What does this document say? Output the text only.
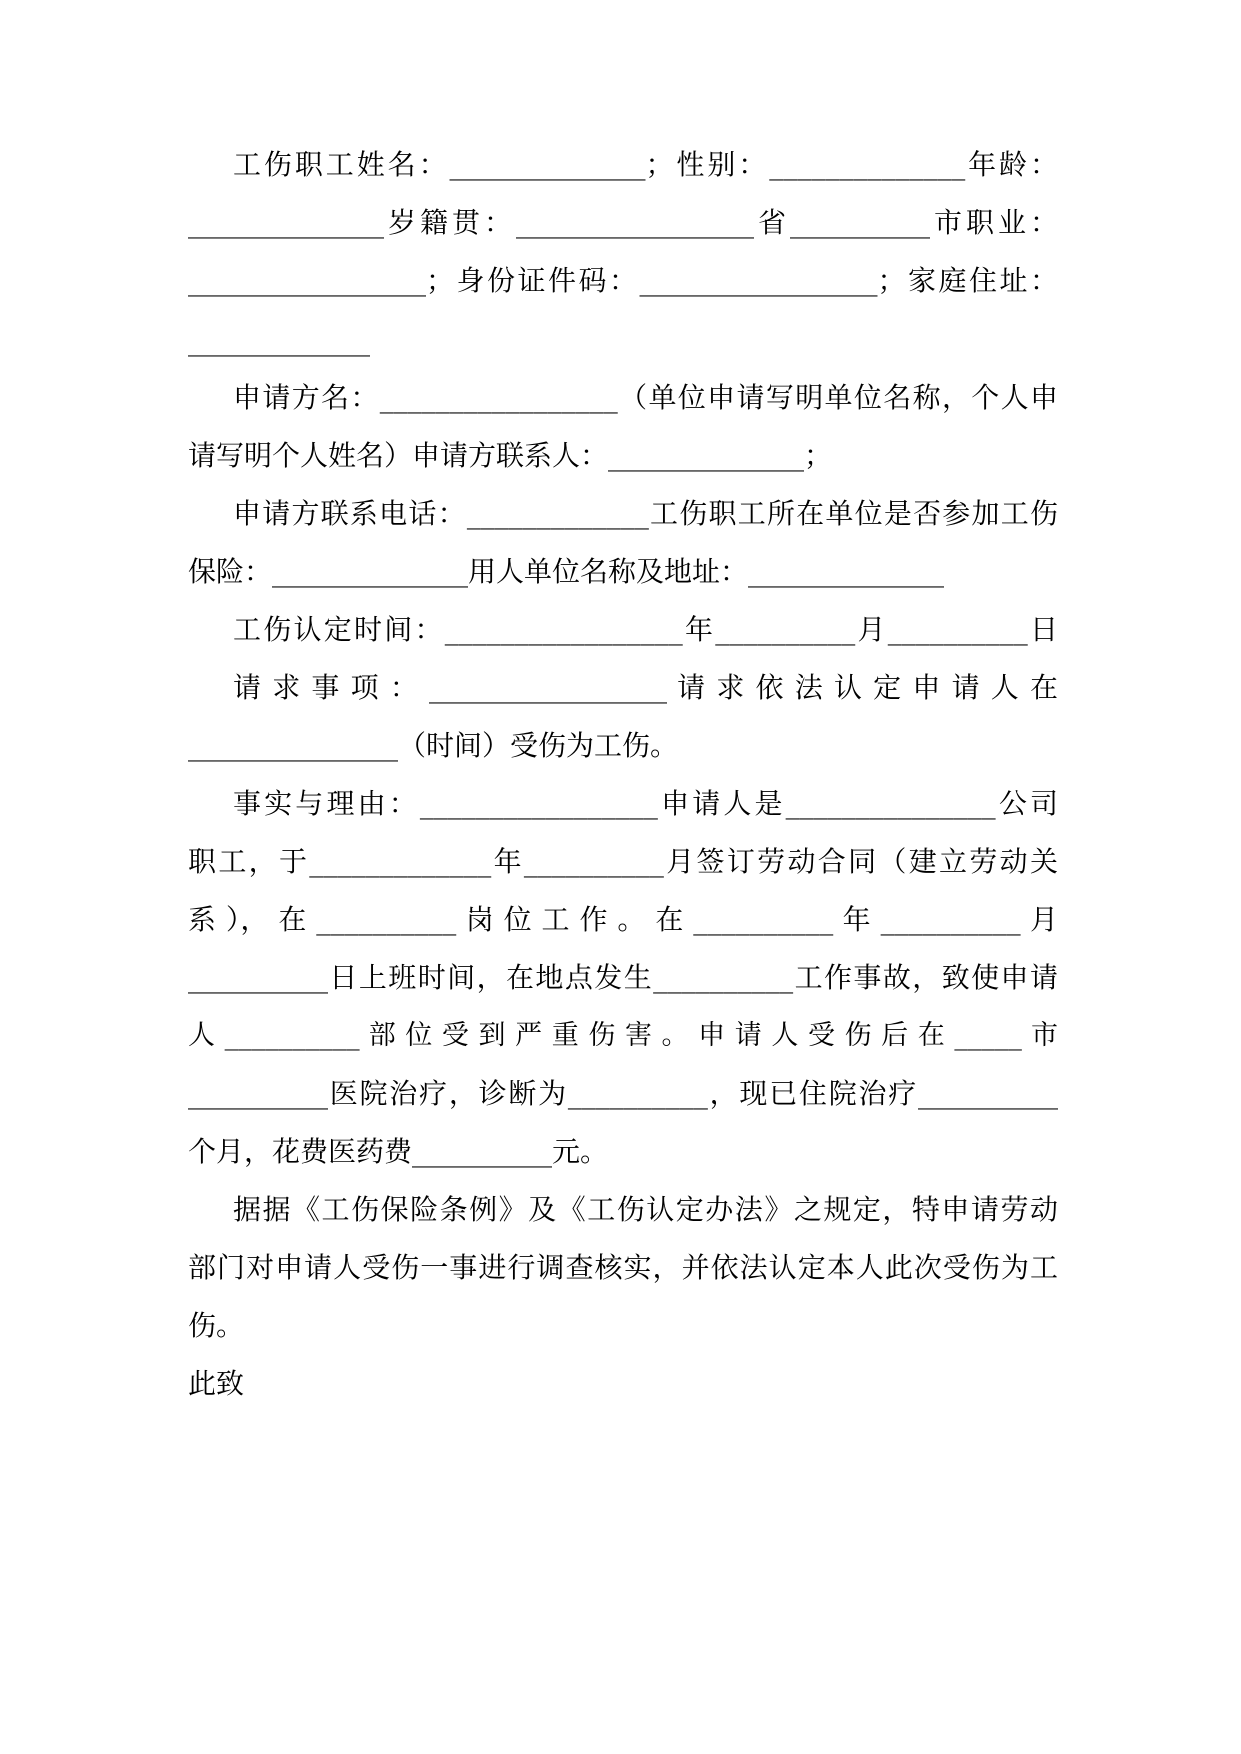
工伤职工姓名：______________；性别：______________年龄：
______________岁籍贯：_________________省__________市职业：
_________________；身份证件码：_________________；家庭住址：
_____________
申请方名：_________________（单位申请写明单位名称，个人申
请写明个人姓名）申请方联系人：______________；
申请方联系电话：_____________工伤职工所在单位是否参加工伤
保险：______________用人单位名称及地址：______________
工伤认定时间：_________________年__________月__________日
请 求 事 项 ： _________________ 请 求 依 法 认 定 申 请 人 在
_______________（时间）受伤为工伤。
事实与理由：_________________申请人是_______________公司
职工，于_____________年__________月签订劳动合同（建立劳动关
系 ）， 在 __________ 岗 位 工 作 。 在 __________ 年 __________ 月
__________日上班时间，在地点发生__________工作事故，致使申请
人 __________ 部 位 受 到 严 重 伤 害 。 申 请 人 受 伤 后 在 _____ 市
__________医院治疗，诊断为__________，现已住院治疗__________
个月，花费医药费__________元。
据据《工伤保险条例》及《工伤认定办法》之规定，特申请劳动
部门对申请人受伤一事进行调查核实，并依法认定本人此次受伤为工
伤。
此致
